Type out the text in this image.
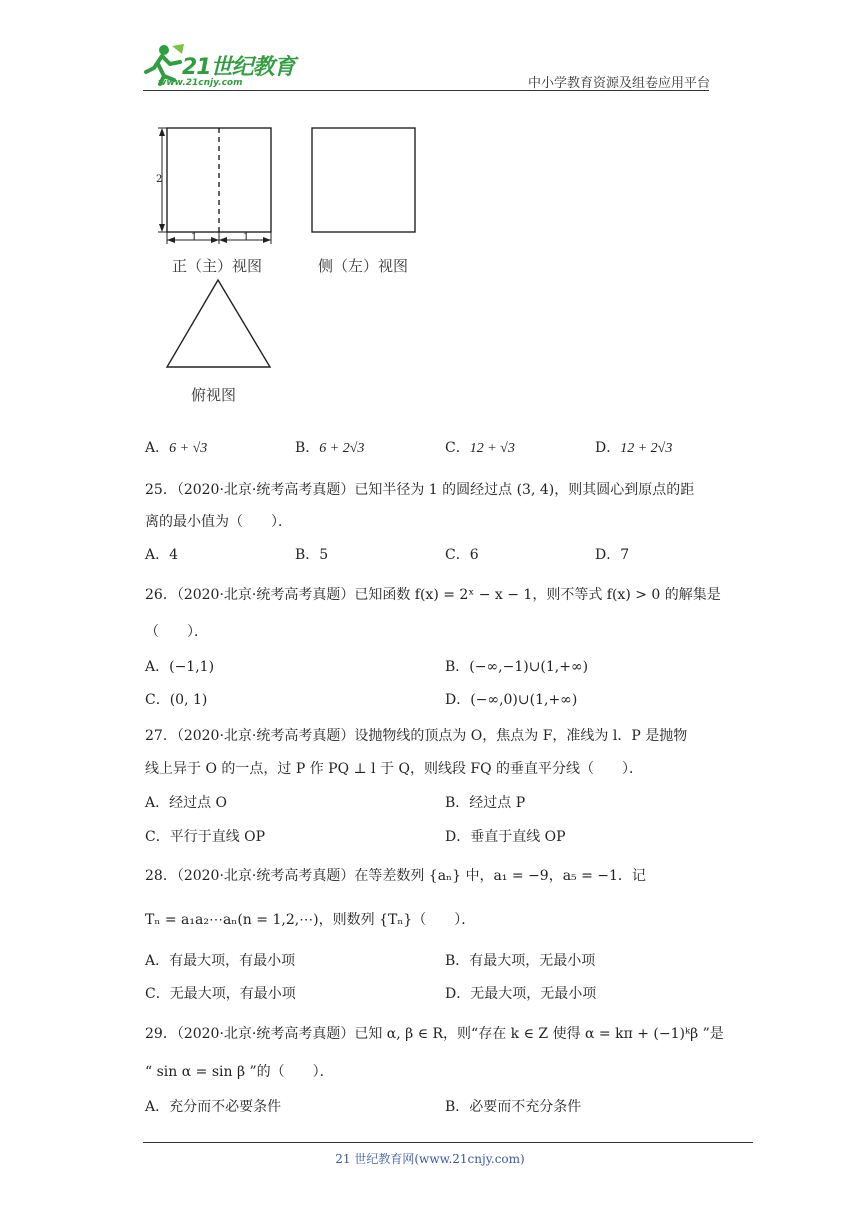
21世纪教育
www.21cnjy.com	中小学教育资源及组卷应用平台
2
1	1
正（主）视图	侧（左）视图
俯视图
A．6 + √3	B．6 + 2√3	C．12 + √3	D．12 + 2√3
25．（2020·北京·统考高考真题）已知半径为 1 的圆经过点 (3, 4)，则其圆心到原点的距
离的最小值为（　　）．
A．4	B．5	C．6	D．7
26．（2020·北京·统考高考真题）已知函数 f(x) = 2ˣ − x − 1，则不等式 f(x) > 0 的解集是
（　　）．
A．(−1,1)	B．(−∞,−1)∪(1,+∞)
C．(0, 1)	D．(−∞,0)∪(1,+∞)
27．（2020·北京·统考高考真题）设抛物线的顶点为 O，焦点为 F，准线为 l．P 是抛物
线上异于 O 的一点，过 P 作 PQ ⊥ l 于 Q，则线段 FQ 的垂直平分线（　　）．
A．经过点 O	B．经过点 P
C．平行于直线 OP	D．垂直于直线 OP
28．（2020·北京·统考高考真题）在等差数列 {aₙ} 中，a₁ = −9，a₅ = −1．记
Tₙ = a₁a₂⋯aₙ(n = 1,2,⋯)，则数列 {Tₙ}（　　）．
A．有最大项，有最小项	B．有最大项，无最小项
C．无最大项，有最小项	D．无最大项，无最小项
29．（2020·北京·统考高考真题）已知 α, β ∈ R，则“存在 k ∈ Z 使得 α = kπ + (−1)ᵏβ ”是
“ sin α = sin β ”的（　　）．
A．充分而不必要条件	B．必要而不充分条件
21 世纪教育网(www.21cnjy.com)
